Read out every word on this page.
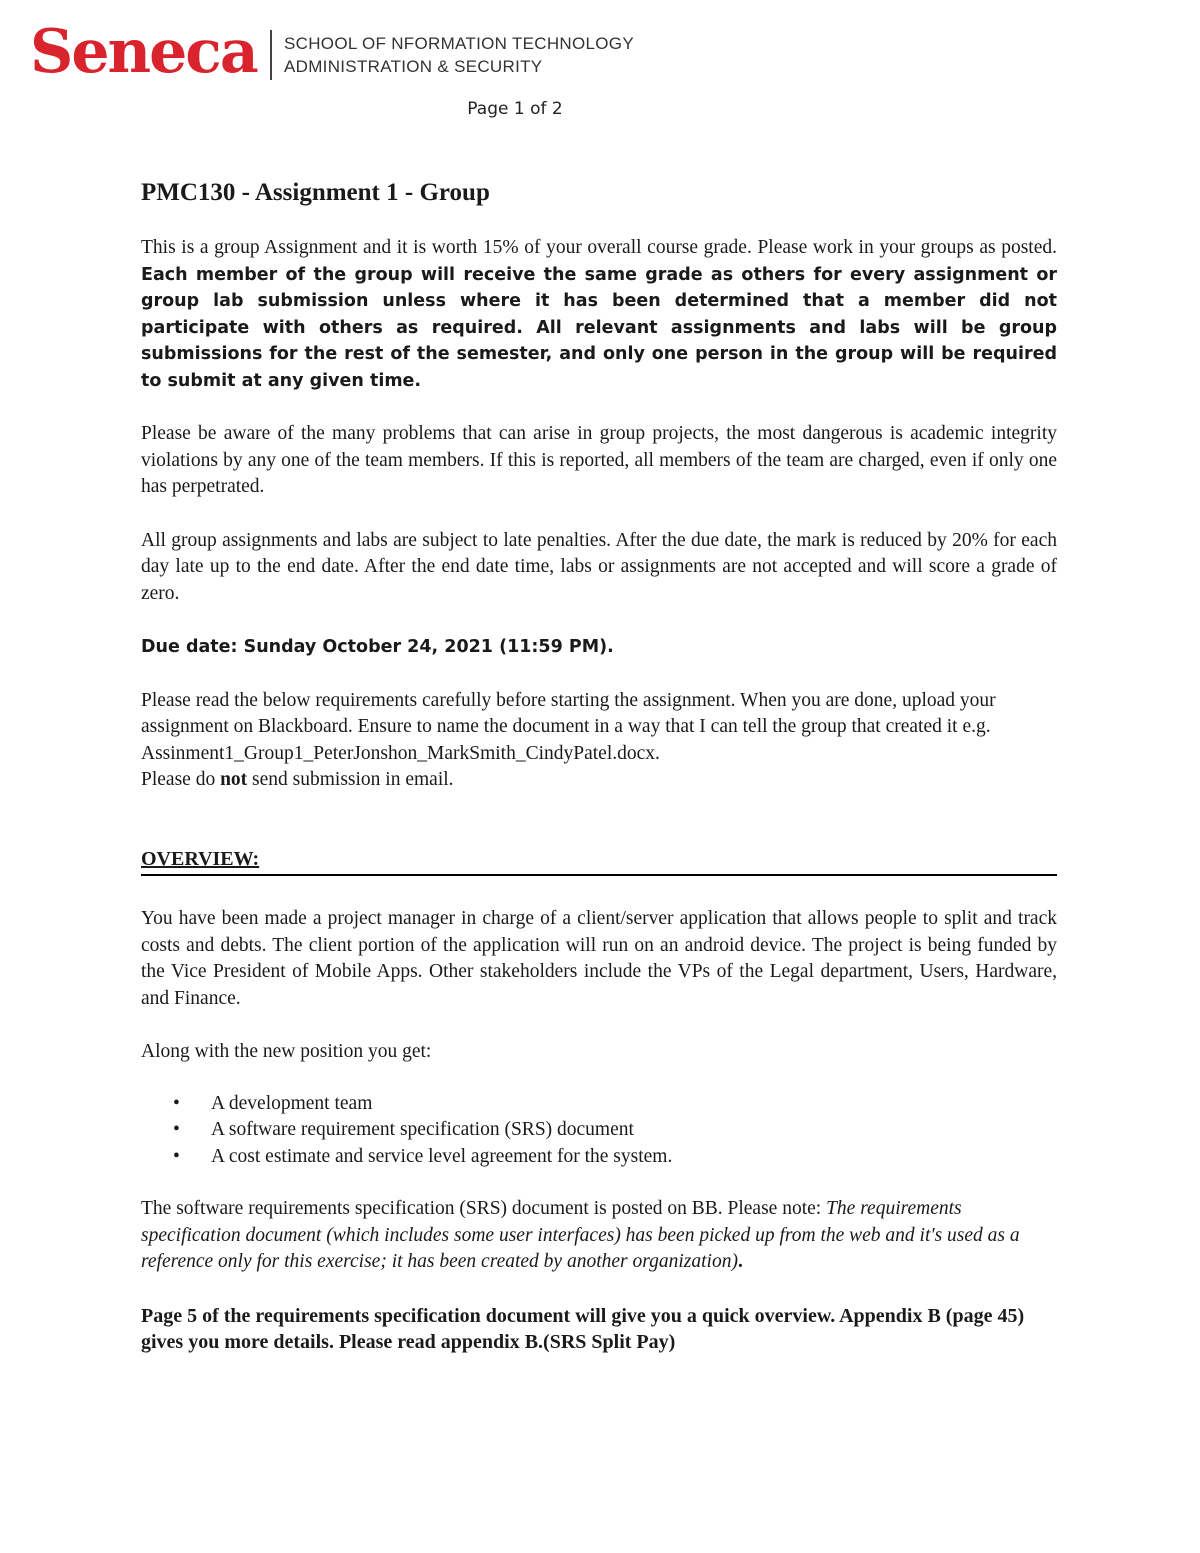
Seneca SCHOOL OF NFORMATION TECHNOLOGY
ADMINISTRATION & SECURITY
Page 1 of 2
PMC130 - Assignment 1 - Group

This is a group Assignment and it is worth 15% of your overall course grade. Please work in your groups as posted. Each member of the group will receive the same grade as others for every assignment or group lab submission unless where it has been determined that a member did not participate with others as required. All relevant assignments and labs will be group submissions for the rest of the semester, and only one person in the group will be required to submit at any given time.

Please be aware of the many problems that can arise in group projects, the most dangerous is academic integrity violations by any one of the team members. If this is reported, all members of the team are charged, even if only one has perpetrated.

All group assignments and labs are subject to late penalties. After the due date, the mark is reduced by 20% for each day late up to the end date. After the end date time, labs or assignments are not accepted and will score a grade of zero.

Due date: Sunday October 24, 2021 (11:59 PM).

Please read the below requirements carefully before starting the assignment. When you are done, upload your assignment on Blackboard. Ensure to name the document in a way that I can tell the group that created it e.g. Assinment1_Group1_PeterJonshon_MarkSmith_CindyPatel.docx.
Please do not send submission in email.

OVERVIEW:

You have been made a project manager in charge of a client/server application that allows people to split and track costs and debts. The client portion of the application will run on an android device. The project is being funded by the Vice President of Mobile Apps. Other stakeholders include the VPs of the Legal department, Users, Hardware, and Finance.

Along with the new position you get:

• A development team
• A software requirement specification (SRS) document
• A cost estimate and service level agreement for the system.

The software requirements specification (SRS) document is posted on BB. Please note: The requirements specification document (which includes some user interfaces) has been picked up from the web and it's used as a reference only for this exercise; it has been created by another organization).

Page 5 of the requirements specification document will give you a quick overview. Appendix B (page 45) gives you more details. Please read appendix B.(SRS Split Pay)
